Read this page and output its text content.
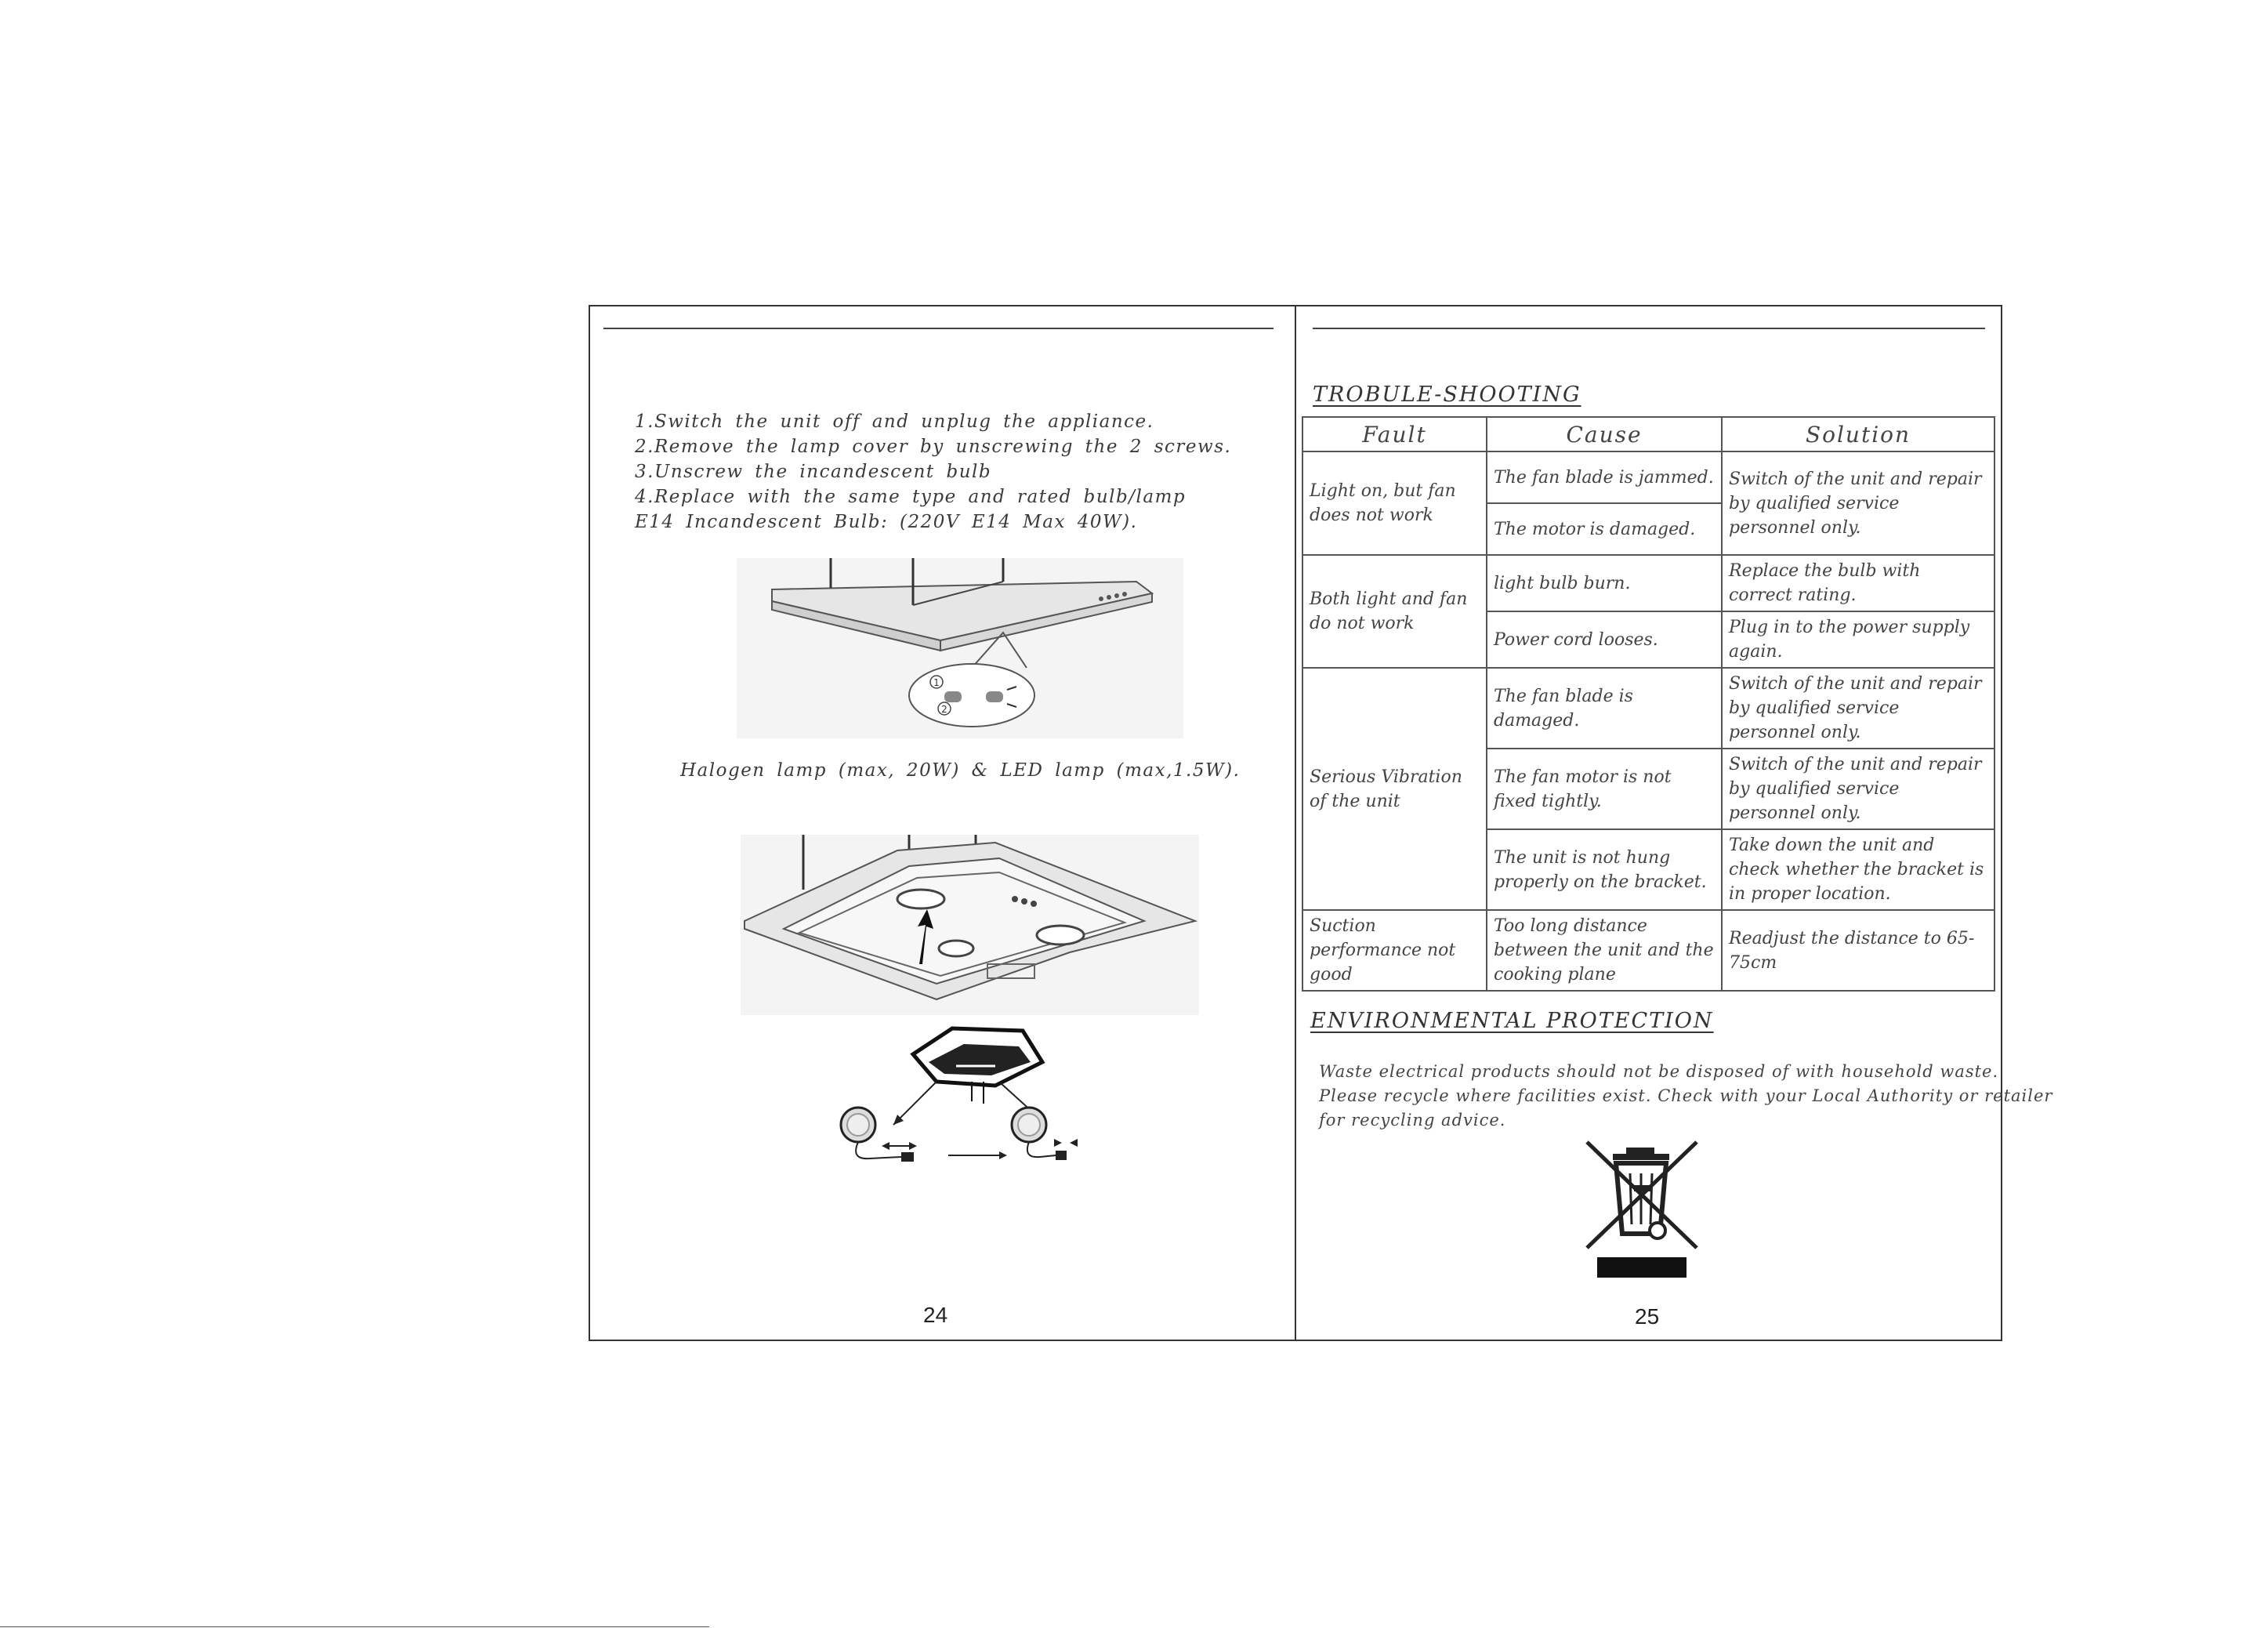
1.Switch the unit off and unplug the appliance.
2.Remove the lamp cover by unscrewing the 2 screws.
3.Unscrew the incandescent bulb
4.Replace with the same type and rated bulb/lamp
E14 Incandescent Bulb: (220V E14 Max 40W).
1
2
Halogen lamp (max, 20W) & LED lamp (max,1.5W).
24
TROBULE-SHOOTING
Fault	Cause	Solution
Light on, but fan does not work	The fan blade is jammed.	Switch of the unit and repair by qualified service personnel only.
	The motor is damaged.	
Both light and fan do not work	light bulb burn.	Replace the bulb with correct rating.
	Power cord looses.	Plug in to the power supply again.
Serious Vibration of the unit	The fan blade is damaged.	Switch of the unit and repair by qualified service personnel only.
	The fan motor is not fixed tightly.	Switch of the unit and repair by qualified service personnel only.
	The unit is not hung properly on the bracket.	Take down the unit and check whether the bracket is in proper location.
Suction performance not good	Too long distance between the unit and the cooking plane	Readjust the distance to 65-75cm
ENVIRONMENTAL PROTECTION
Waste electrical products should not be disposed of with household waste.
Please recycle where facilities exist. Check with your Local Authority or retailer
for recycling advice.
25
